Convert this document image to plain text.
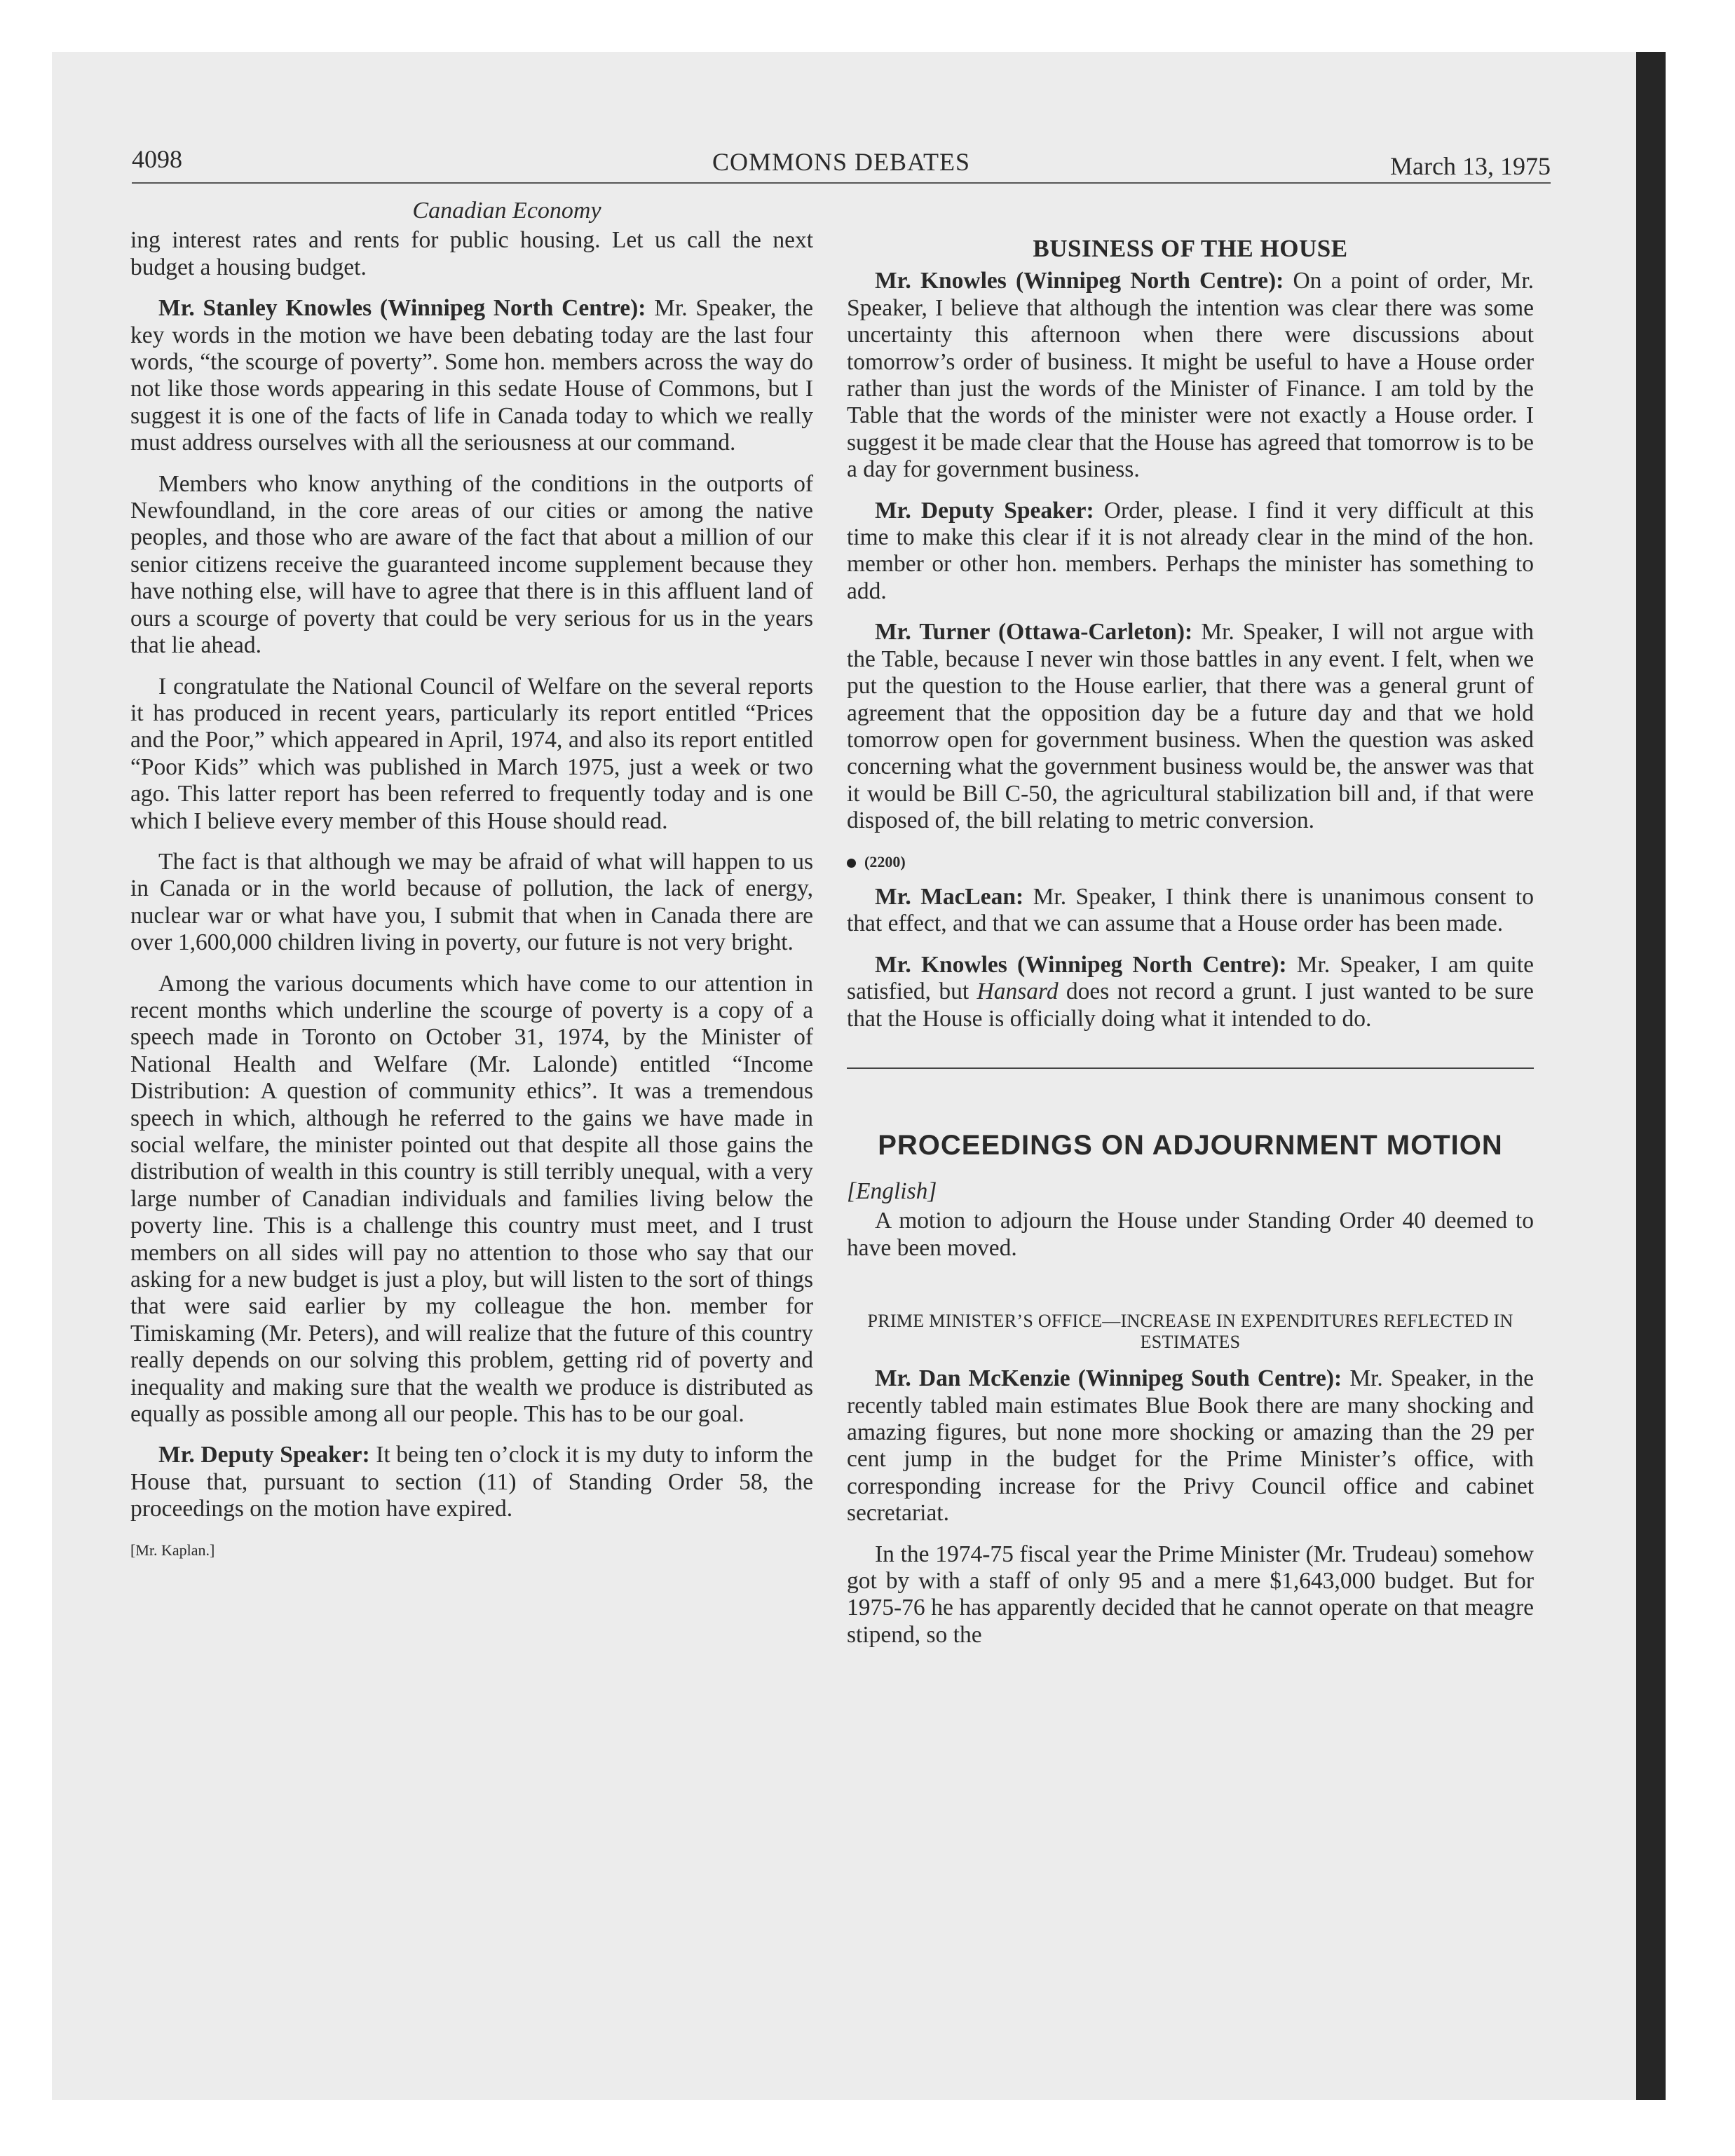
4098	COMMONS DEBATES	March 13, 1975
Canadian Economy

ing interest rates and rents for public housing. Let us call the next budget a housing budget.

Mr. Stanley Knowles (Winnipeg North Centre): Mr. Speaker, the key words in the motion we have been debating today are the last four words, “the scourge of poverty”. Some hon. members across the way do not like those words appearing in this sedate House of Commons, but I suggest it is one of the facts of life in Canada today to which we really must address ourselves with all the seriousness at our command.

Members who know anything of the conditions in the outports of Newfoundland, in the core areas of our cities or among the native peoples, and those who are aware of the fact that about a million of our senior citizens receive the guaranteed income supplement because they have nothing else, will have to agree that there is in this affluent land of ours a scourge of poverty that could be very serious for us in the years that lie ahead.

I congratulate the National Council of Welfare on the several reports it has produced in recent years, particularly its report entitled “Prices and the Poor,” which appeared in April, 1974, and also its report entitled “Poor Kids” which was published in March 1975, just a week or two ago. This latter report has been referred to frequently today and is one which I believe every member of this House should read.

The fact is that although we may be afraid of what will happen to us in Canada or in the world because of pollution, the lack of energy, nuclear war or what have you, I submit that when in Canada there are over 1,600,000 children living in poverty, our future is not very bright.

Among the various documents which have come to our attention in recent months which underline the scourge of poverty is a copy of a speech made in Toronto on October 31, 1974, by the Minister of National Health and Welfare (Mr. Lalonde) entitled “Income Distribution: A question of community ethics”. It was a tremendous speech in which, although he referred to the gains we have made in social welfare, the minister pointed out that despite all those gains the distribution of wealth in this country is still terribly unequal, with a very large number of Canadian individuals and families living below the poverty line. This is a challenge this country must meet, and I trust members on all sides will pay no attention to those who say that our asking for a new budget is just a ploy, but will listen to the sort of things that were said earlier by my colleague the hon. member for Timiskaming (Mr. Peters), and will realize that the future of this country really depends on our solving this problem, getting rid of poverty and inequality and making sure that the wealth we produce is distributed as equally as possible among all our people. This has to be our goal.

Mr. Deputy Speaker: It being ten o’clock it is my duty to inform the House that, pursuant to section (11) of Standing Order 58, the proceedings on the motion have expired.

[Mr. Kaplan.]
BUSINESS OF THE HOUSE

Mr. Knowles (Winnipeg North Centre): On a point of order, Mr. Speaker, I believe that although the intention was clear there was some uncertainty this afternoon when there were discussions about tomorrow’s order of business. It might be useful to have a House order rather than just the words of the Minister of Finance. I am told by the Table that the words of the minister were not exactly a House order. I suggest it be made clear that the House has agreed that tomorrow is to be a day for government business.

Mr. Deputy Speaker: Order, please. I find it very difficult at this time to make this clear if it is not already clear in the mind of the hon. member or other hon. members. Perhaps the minister has something to add.

Mr. Turner (Ottawa-Carleton): Mr. Speaker, I will not argue with the Table, because I never win those battles in any event. I felt, when we put the question to the House earlier, that there was a general grunt of agreement that the opposition day be a future day and that we hold tomorrow open for government business. When the question was asked concerning what the government business would be, the answer was that it would be Bill C-50, the agricultural stabilization bill and, if that were disposed of, the bill relating to metric conversion.

(2200)

Mr. MacLean: Mr. Speaker, I think there is unanimous consent to that effect, and that we can assume that a House order has been made.

Mr. Knowles (Winnipeg North Centre): Mr. Speaker, I am quite satisfied, but Hansard does not record a grunt. I just wanted to be sure that the House is officially doing what it intended to do.

PROCEEDINGS ON ADJOURNMENT MOTION
[English]

A motion to adjourn the House under Standing Order 40 deemed to have been moved.

PRIME MINISTER’S OFFICE—INCREASE IN EXPENDITURES REFLECTED IN ESTIMATES

Mr. Dan McKenzie (Winnipeg South Centre): Mr. Speaker, in the recently tabled main estimates Blue Book there are many shocking and amazing figures, but none more shocking or amazing than the 29 per cent jump in the budget for the Prime Minister’s office, with corresponding increase for the Privy Council office and cabinet secretariat.

In the 1974-75 fiscal year the Prime Minister (Mr. Trudeau) somehow got by with a staff of only 95 and a mere $1,643,000 budget. But for 1975-76 he has apparently decided that he cannot operate on that meagre stipend, so the
